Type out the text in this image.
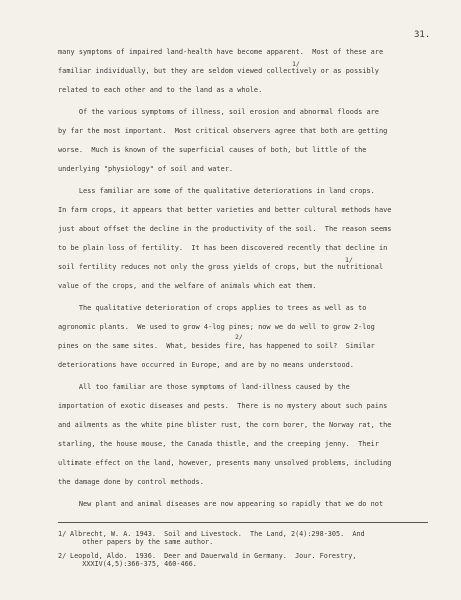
31.
many symptoms of impaired land-health have become apparent.  Most of these are
1/
familiar individually, but they are seldom viewed collectively or as possibly
related to each other and to the land as a whole.
Of the various symptoms of illness, soil erosion and abnormal floods are
by far the most important.  Most critical observers agree that both are getting
worse.  Much is known of the superficial causes of both, but little of the
underlying "physiology" of soil and water.
Less familiar are some of the qualitative deteriorations in land crops.
In farm crops, it appears that better varieties and better cultural methods have
just about offset the decline in the productivity of the soil.  The reason seems
to be plain loss of fertility.  It has been discovered recently that decline in
1/
soil fertility reduces not only the gross yields of crops, but the nutritional
value of the crops, and the welfare of animals which eat them.
The qualitative deterioration of crops applies to trees as well as to
agronomic plants.  We used to grow 4-log pines; now we do well to grow 2-log
pines on the same sites.  What, besides fire, has happened to soil?  Similar
2/
deteriorations have occurred in Europe, and are by no means understood.
All too familiar are those symptoms of land-illness caused by the
importation of exotic diseases and pests.  There is no mystery about such pains
and ailments as the white pine blister rust, the corn borer, the Norway rat, the
starling, the house mouse, the Canada thistle, and the creeping jenny.  Their
ultimate effect on the land, however, presents many unsolved problems, including
the damage done by control methods.
New plant and animal diseases are now appearing so rapidly that we do not
1/ Albrecht, W. A. 1943.  Soil and Livestock.  The Land, 2(4):298-305.  And
other papers by the same author.
2/ Leopold, Aldo.  1936.  Deer and Dauerwald in Germany.  Jour. Forestry,
XXXIV(4,5):366-375, 460-466.
